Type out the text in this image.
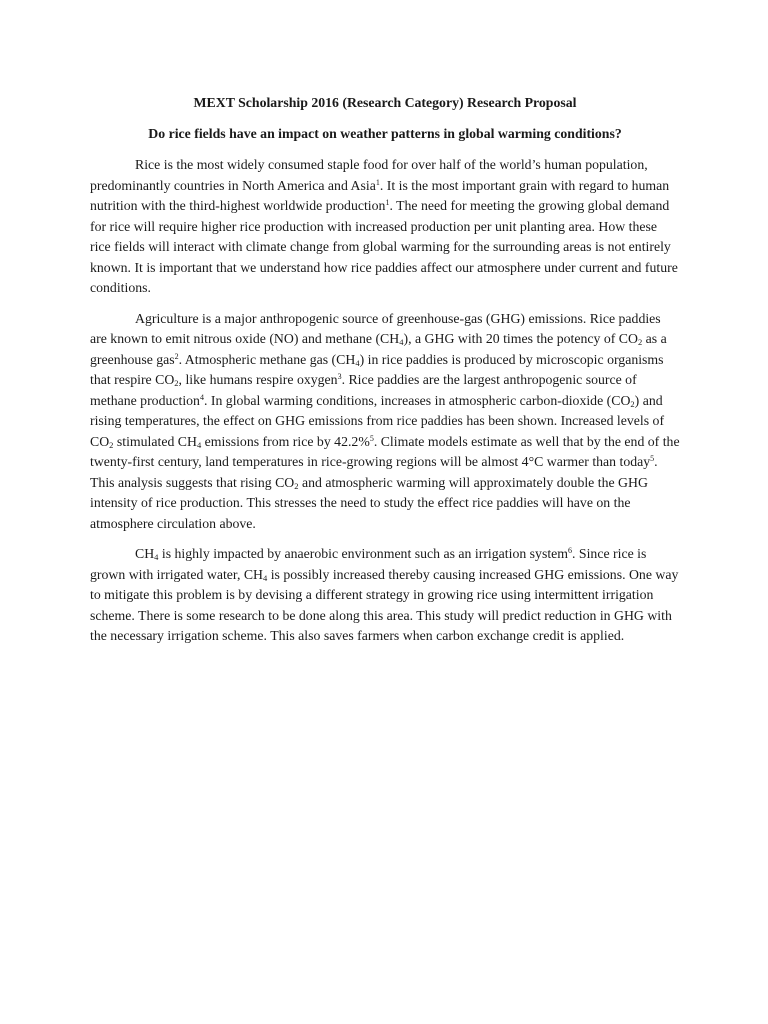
MEXT Scholarship 2016 (Research Category) Research Proposal
Do rice fields have an impact on weather patterns in global warming conditions?

Rice is the most widely consumed staple food for over half of the world’s human population, predominantly countries in North America and Asia$^1$. It is the most important grain with regard to human nutrition with the third-highest worldwide production$^1$. The need for meeting the growing global demand for rice will require higher rice production with increased production per unit planting area. How these rice fields will interact with climate change from global warming for the surrounding areas is not entirely known. It is important that we understand how rice paddies affect our atmosphere under current and future conditions.

Agriculture is a major anthropogenic source of greenhouse-gas (GHG) emissions. Rice paddies are known to emit nitrous oxide (NO) and methane $(CH_4)$, a GHG with 20 times the potency of $CO_2$ as a greenhouse gas$^2$. Atmospheric methane gas $(CH_4)$ in rice paddies is produced by microscopic organisms that respire $CO_2$, like humans respire oxygen$^3$. Rice paddies are the largest anthropogenic source of methane production$^4$. In global warming conditions, increases in atmospheric carbon-dioxide $(CO_2)$ and rising temperatures, the effect on GHG emissions from rice paddies has been shown. Increased levels of $CO_2$ stimulated $CH_4$ emissions from rice by 42.2%$^5$. Climate models estimate as well that by the end of the twenty-first century, land temperatures in rice-growing regions will be almost 4°C warmer than today$^5$. This analysis suggests that rising $CO_2$ and atmospheric warming will approximately double the GHG intensity of rice production. This stresses the need to study the effect rice paddies will have on the atmosphere circulation above.

$CH_4$ is highly impacted by anaerobic environment such as an irrigation system$^6$. Since rice is grown with irrigated water, $CH_4$ is possibly increased thereby causing increased GHG emissions. One way to mitigate this problem is by devising a different strategy in growing rice using intermittent irrigation scheme. There is some research to be done along this area. This study will predict reduction in GHG with the necessary irrigation scheme. This also saves farmers when carbon exchange credit is applied.
